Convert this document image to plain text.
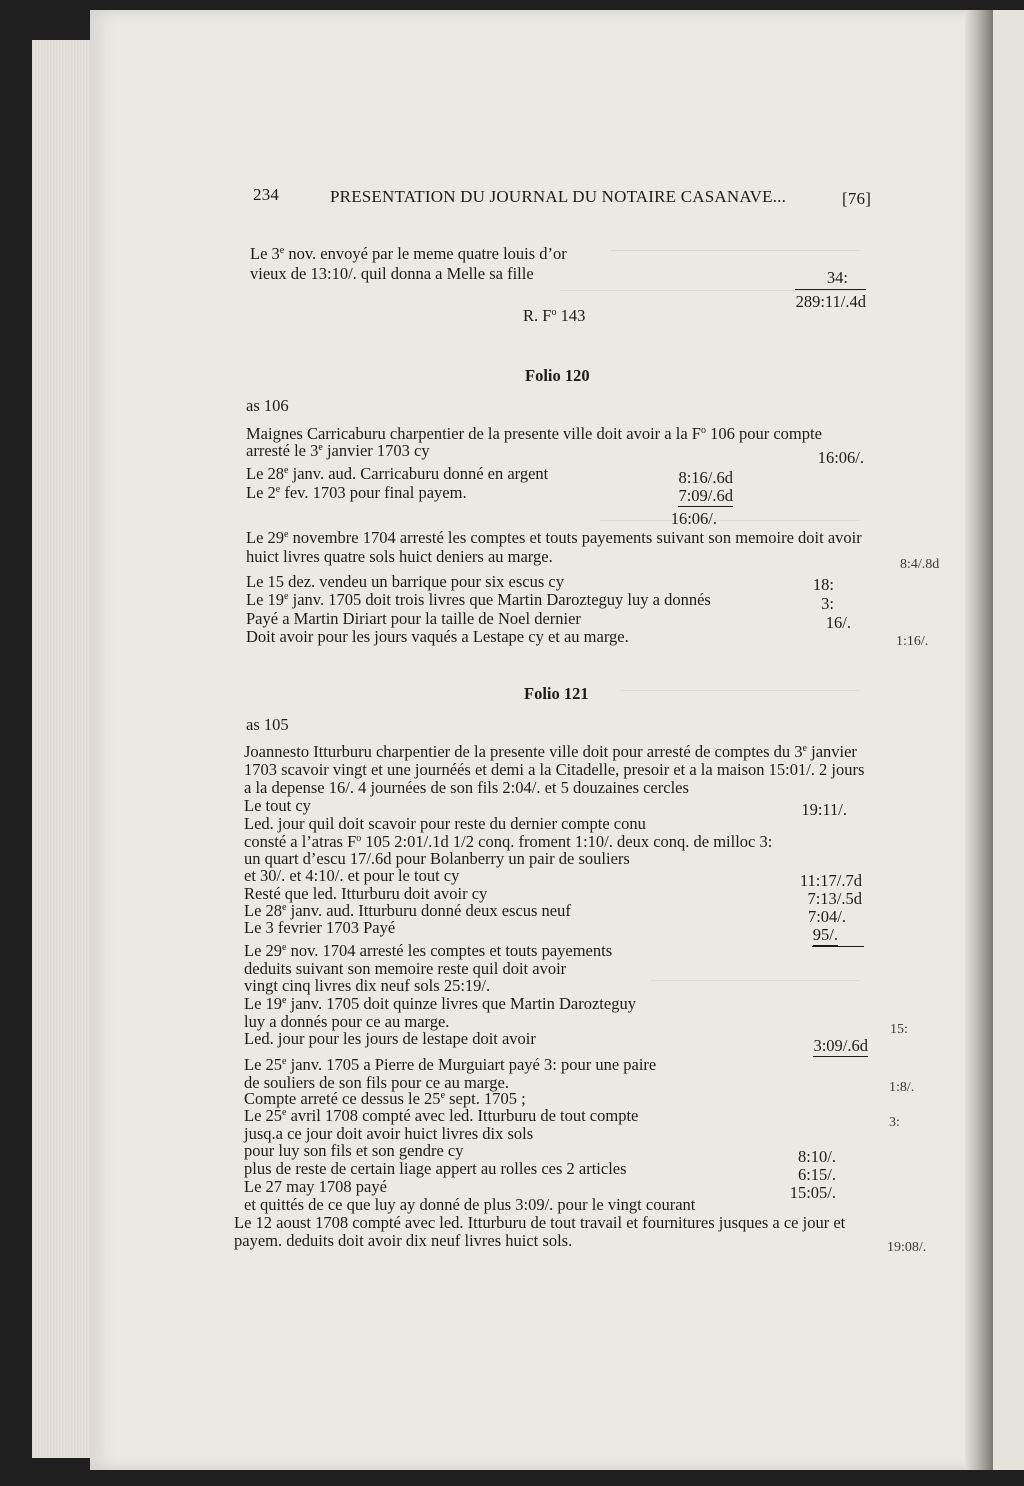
234	PRESENTATION DU JOURNAL DU NOTAIRE CASANAVE...	[76]
Le 3e nov. envoyé par le meme quatre louis d’or
vieux de 13:10/. quil donna a Melle sa fille	34:
289:11/.4d
R. $F^o$ 143
Folio 120
as 106
Maignes Carricaburu charpentier de la presente ville doit avoir a la $F^o$ 106 pour compte
arresté le 3e janvier 1703 cy	16:06/.
Le 28e janv. aud. Carricaburu donné en argent	8:16/.6d
Le 2e fev. 1703 pour final payem.	7:09/.6d
16:06/.
Le 29e novembre 1704 arresté les comptes et touts payements suivant son memoire doit avoir
huict livres quatre sols huict deniers au marge.	8:4/.8d
Le 15 dez. vendeu un barrique pour six escus cy	18:
Le 19e janv. 1705 doit trois livres que Martin Darozteguy luy a donnés	3:
Payé a Martin Diriart pour la taille de Noel dernier	16/.
Doit avoir pour les jours vaqués a Lestape cy et au marge.	1:16/.
Folio 121
as 105
Joannesto Itturburu charpentier de la presente ville doit pour arresté de comptes du 3e janvier
1703 scavoir vingt et une journéés et demi a la Citadelle, presoir et a la maison 15:01/. 2 jours
a la depense 16/. 4 journées de son fils 2:04/. et 5 douzaines cercles
Le tout cy	19:11/.
Led. jour quil doit scavoir pour reste du dernier compte conu
consté a l’atras $F^o$ 105 2:01/.1d 1/2 conq. froment 1:10/. deux conq. de milloc 3:
un quart d’escu 17/.6d pour Bolanberry un pair de souliers
et 30/. et 4:10/. et pour le tout cy	11:17/.7d
Resté que led. Itturburu doit avoir cy	7:13/.5d
Le 28e janv. aud. Itturburu donné deux escus neuf	7:04/.
Le 3 fevrier 1703 Payé	95/.
Le 29e nov. 1704 arresté les comptes et touts payements
deduits suivant son memoire reste quil doit avoir
vingt cinq livres dix neuf sols 25:19/.
Le 19e janv. 1705 doit quinze livres que Martin Darozteguy
luy a donnés pour ce au marge.	15:
Led. jour pour les jours de lestape doit avoir	3:09/.6d
Le 25e janv. 1705 a Pierre de Murguiart payé 3: pour une paire
de souliers de son fils pour ce au marge.	1:8/.
Compte arreté ce dessus le 25e sept. 1705 ;
Le 25e avril 1708 compté avec led. Itturburu de tout compte	3:
jusq.a ce jour doit avoir huict livres dix sols
pour luy son fils et son gendre cy	8:10/.
plus de reste de certain liage appert au rolles ces 2 articles	6:15/.
Le 27 may 1708 payé	15:05/.
et quittés de ce que luy ay donné de plus 3:09/. pour le vingt courant
Le 12 aoust 1708 compté avec led. Itturburu de tout travail et fournitures jusques a ce jour et
payem. deduits doit avoir dix neuf livres huict sols.	19:08/.
